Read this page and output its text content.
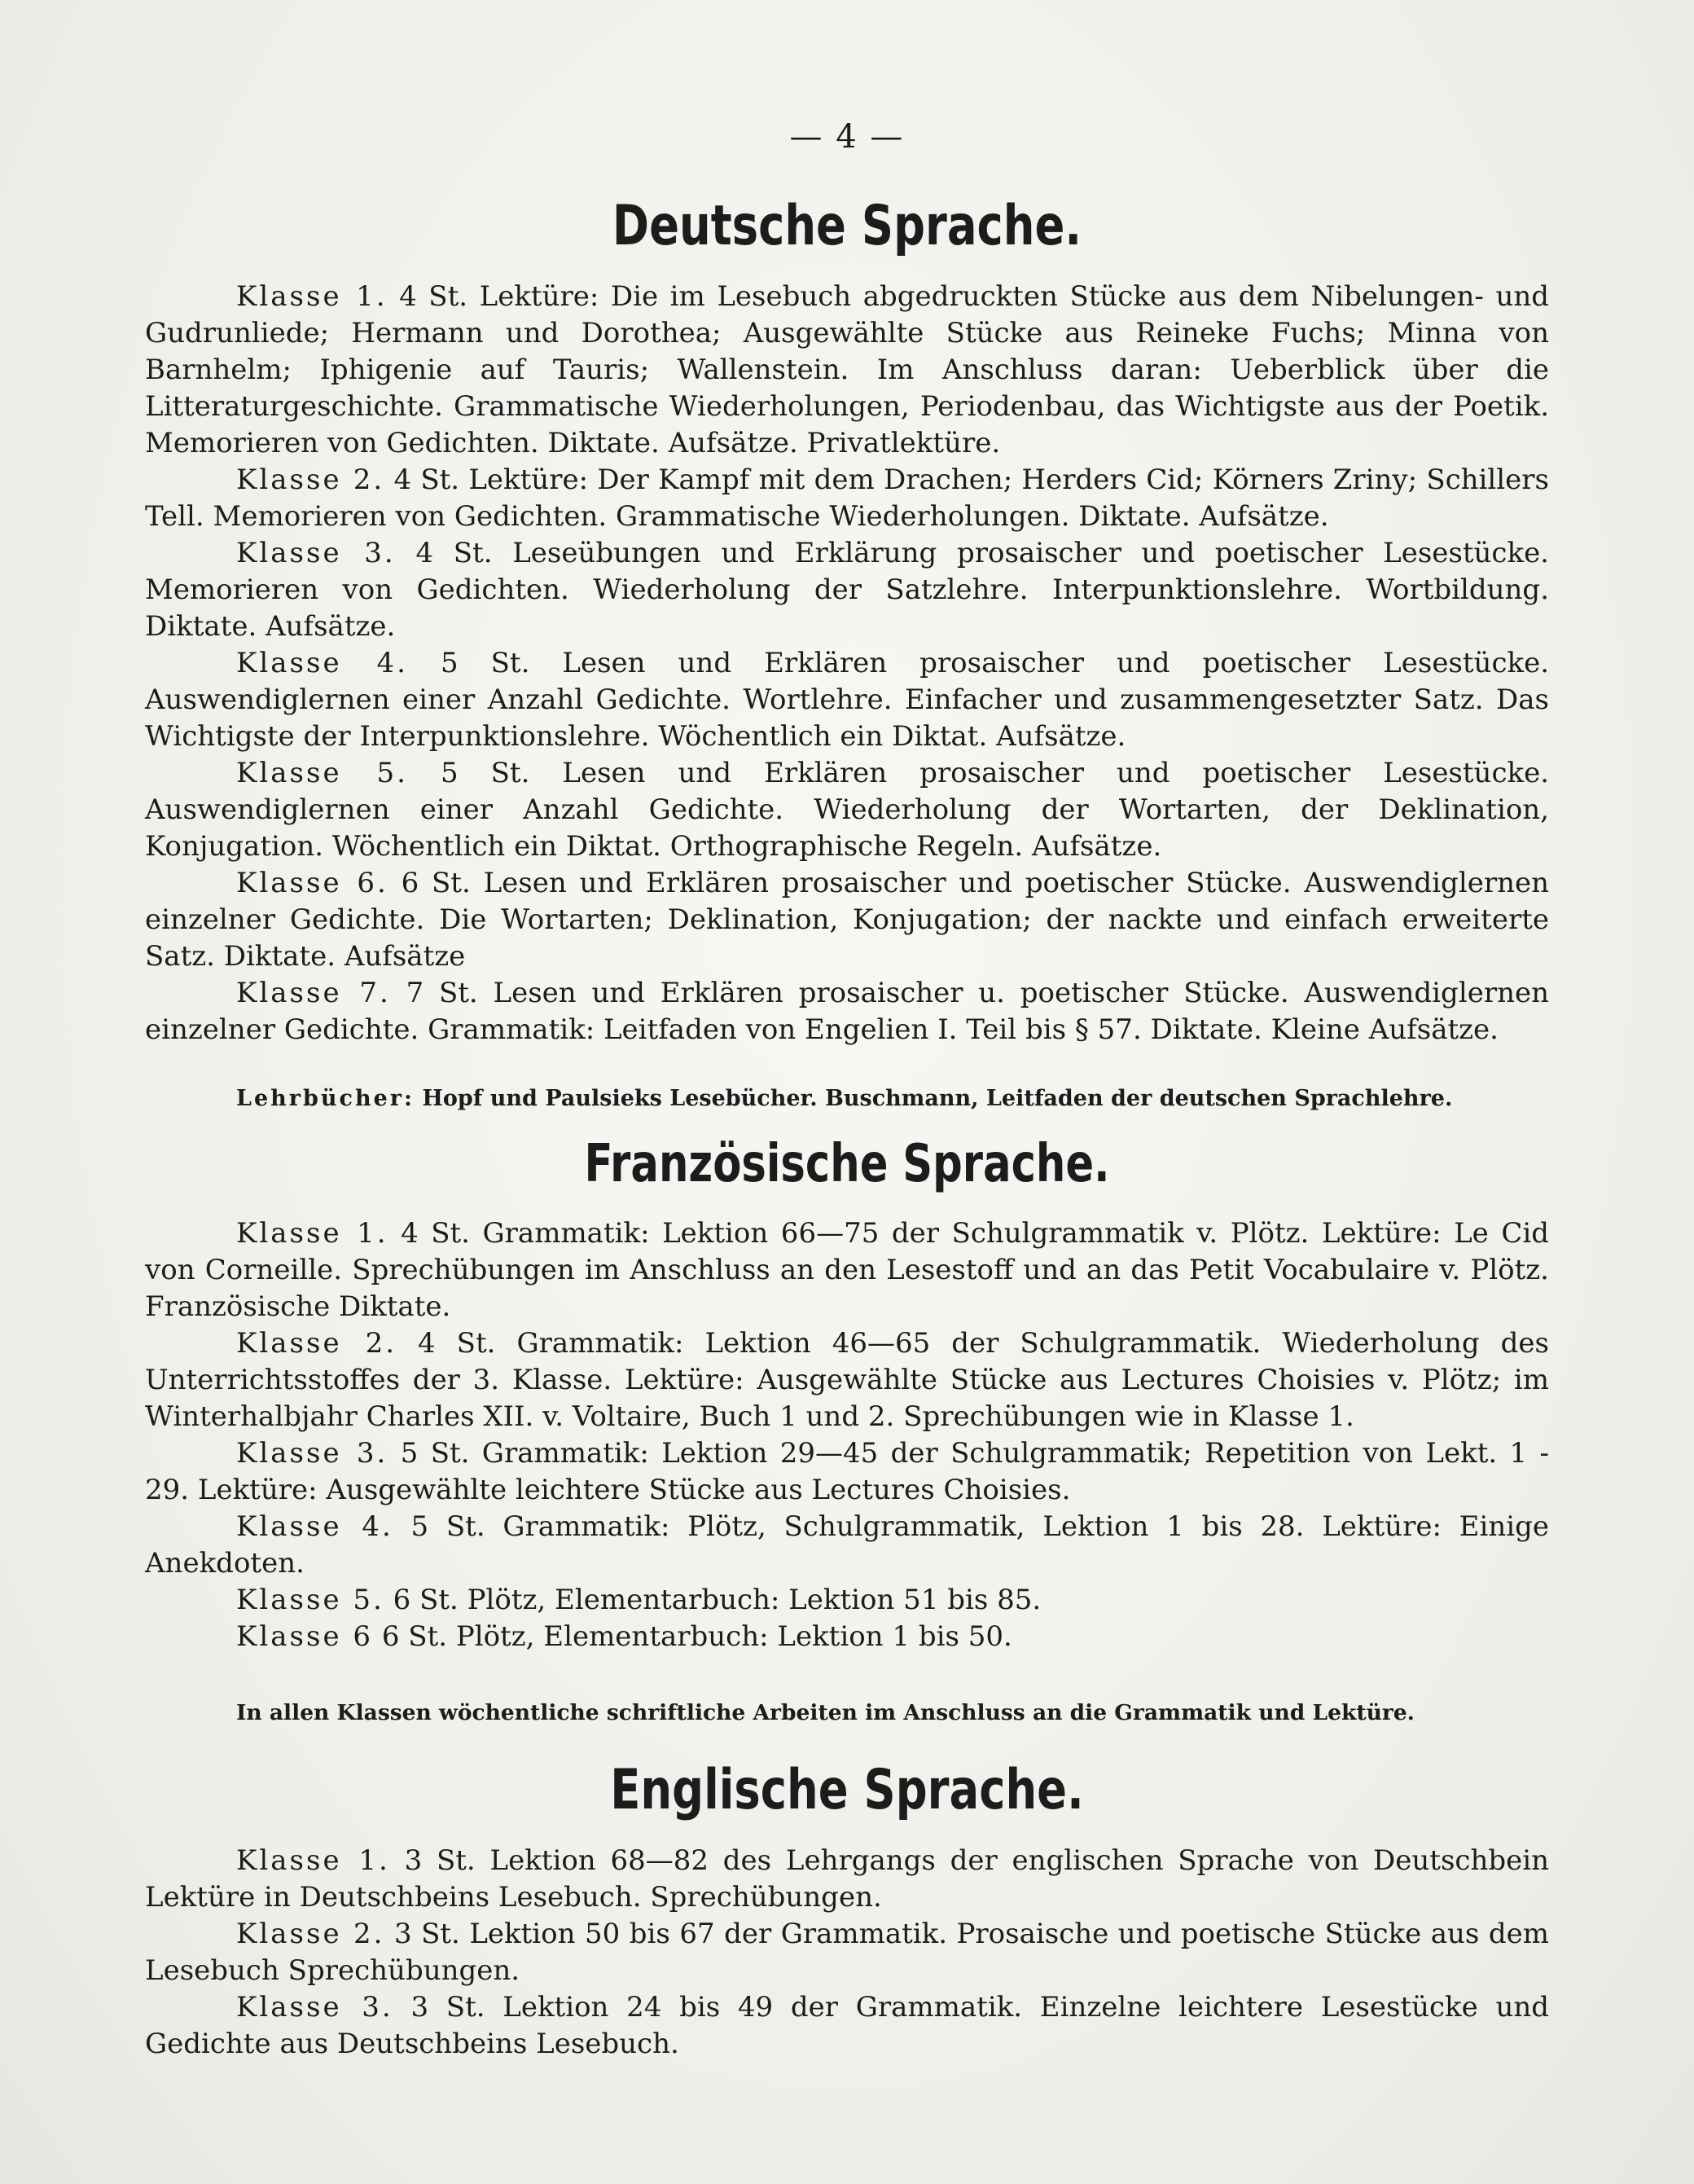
— 4 —
Deutsche Sprache.

Klasse 1. 4 St. Lektüre: Die im Lesebuch abgedruckten Stücke aus dem Nibelungen- und Gudrunliede; Hermann und Dorothea; Ausgewählte Stücke aus Reineke Fuchs; Minna von Barnhelm; Iphigenie auf Tauris; Wallenstein. Im Anschluss daran: Ueberblick über die Litteraturgeschichte. Grammatische Wiederholungen, Periodenbau, das Wichtigste aus der Poetik. Memorieren von Gedichten. Diktate. Aufsätze. Privatlektüre.

Klasse 2. 4 St. Lektüre: Der Kampf mit dem Drachen; Herders Cid; Körners Zriny; Schillers Tell. Memorieren von Gedichten. Grammatische Wiederholungen. Diktate. Aufsätze.

Klasse 3. 4 St. Leseübungen und Erklärung prosaischer und poetischer Lesestücke. Memorieren von Gedichten. Wiederholung der Satzlehre. Interpunktionslehre. Wortbildung. Diktate. Aufsätze.

Klasse 4. 5 St. Lesen und Erklären prosaischer und poetischer Lesestücke. Auswendiglernen einer Anzahl Gedichte. Wortlehre. Einfacher und zusammengesetzter Satz. Das Wichtigste der Interpunktionslehre. Wöchentlich ein Diktat. Aufsätze.

Klasse 5. 5 St. Lesen und Erklären prosaischer und poetischer Lesestücke. Auswendiglernen einer Anzahl Gedichte. Wiederholung der Wortarten, der Deklination, Konjugation. Wöchentlich ein Diktat. Orthographische Regeln. Aufsätze.

Klasse 6. 6 St. Lesen und Erklären prosaischer und poetischer Stücke. Auswendiglernen einzelner Gedichte. Die Wortarten; Deklination, Konjugation; der nackte und einfach erweiterte Satz. Diktate. Aufsätze

Klasse 7. 7 St. Lesen und Erklären prosaischer u. poetischer Stücke. Auswendiglernen einzelner Gedichte. Grammatik: Leitfaden von Engelien I. Teil bis § 57. Diktate. Kleine Aufsätze.

Lehrbücher: Hopf und Paulsieks Lesebücher. Buschmann, Leitfaden der deutschen Sprachlehre.
Französische Sprache.

Klasse 1. 4 St. Grammatik: Lektion 66—75 der Schulgrammatik v. Plötz. Lektüre: Le Cid von Corneille. Sprechübungen im Anschluss an den Lesestoff und an das Petit Vocabulaire v. Plötz. Französische Diktate.

Klasse 2. 4 St. Grammatik: Lektion 46—65 der Schulgrammatik. Wiederholung des Unterrichtsstoffes der 3. Klasse. Lektüre: Ausgewählte Stücke aus Lectures Choisies v. Plötz; im Winterhalbjahr Charles XII. v. Voltaire, Buch 1 und 2. Sprechübungen wie in Klasse 1.

Klasse 3. 5 St. Grammatik: Lektion 29—45 der Schulgrammatik; Repetition von Lekt. 1 - 29. Lektüre: Ausgewählte leichtere Stücke aus Lectures Choisies.

Klasse 4. 5 St. Grammatik: Plötz, Schulgrammatik, Lektion 1 bis 28. Lektüre: Einige Anekdoten.

Klasse 5. 6 St. Plötz, Elementarbuch: Lektion 51 bis 85.

Klasse 6 6 St. Plötz, Elementarbuch: Lektion 1 bis 50.

In allen Klassen wöchentliche schriftliche Arbeiten im Anschluss an die Grammatik und Lektüre.
Englische Sprache.

Klasse 1. 3 St. Lektion 68—82 des Lehrgangs der englischen Sprache von Deutschbein Lektüre in Deutschbeins Lesebuch. Sprechübungen.

Klasse 2. 3 St. Lektion 50 bis 67 der Grammatik. Prosaische und poetische Stücke aus dem Lesebuch Sprechübungen.

Klasse 3. 3 St. Lektion 24 bis 49 der Grammatik. Einzelne leichtere Lesestücke und Gedichte aus Deutschbeins Lesebuch.
